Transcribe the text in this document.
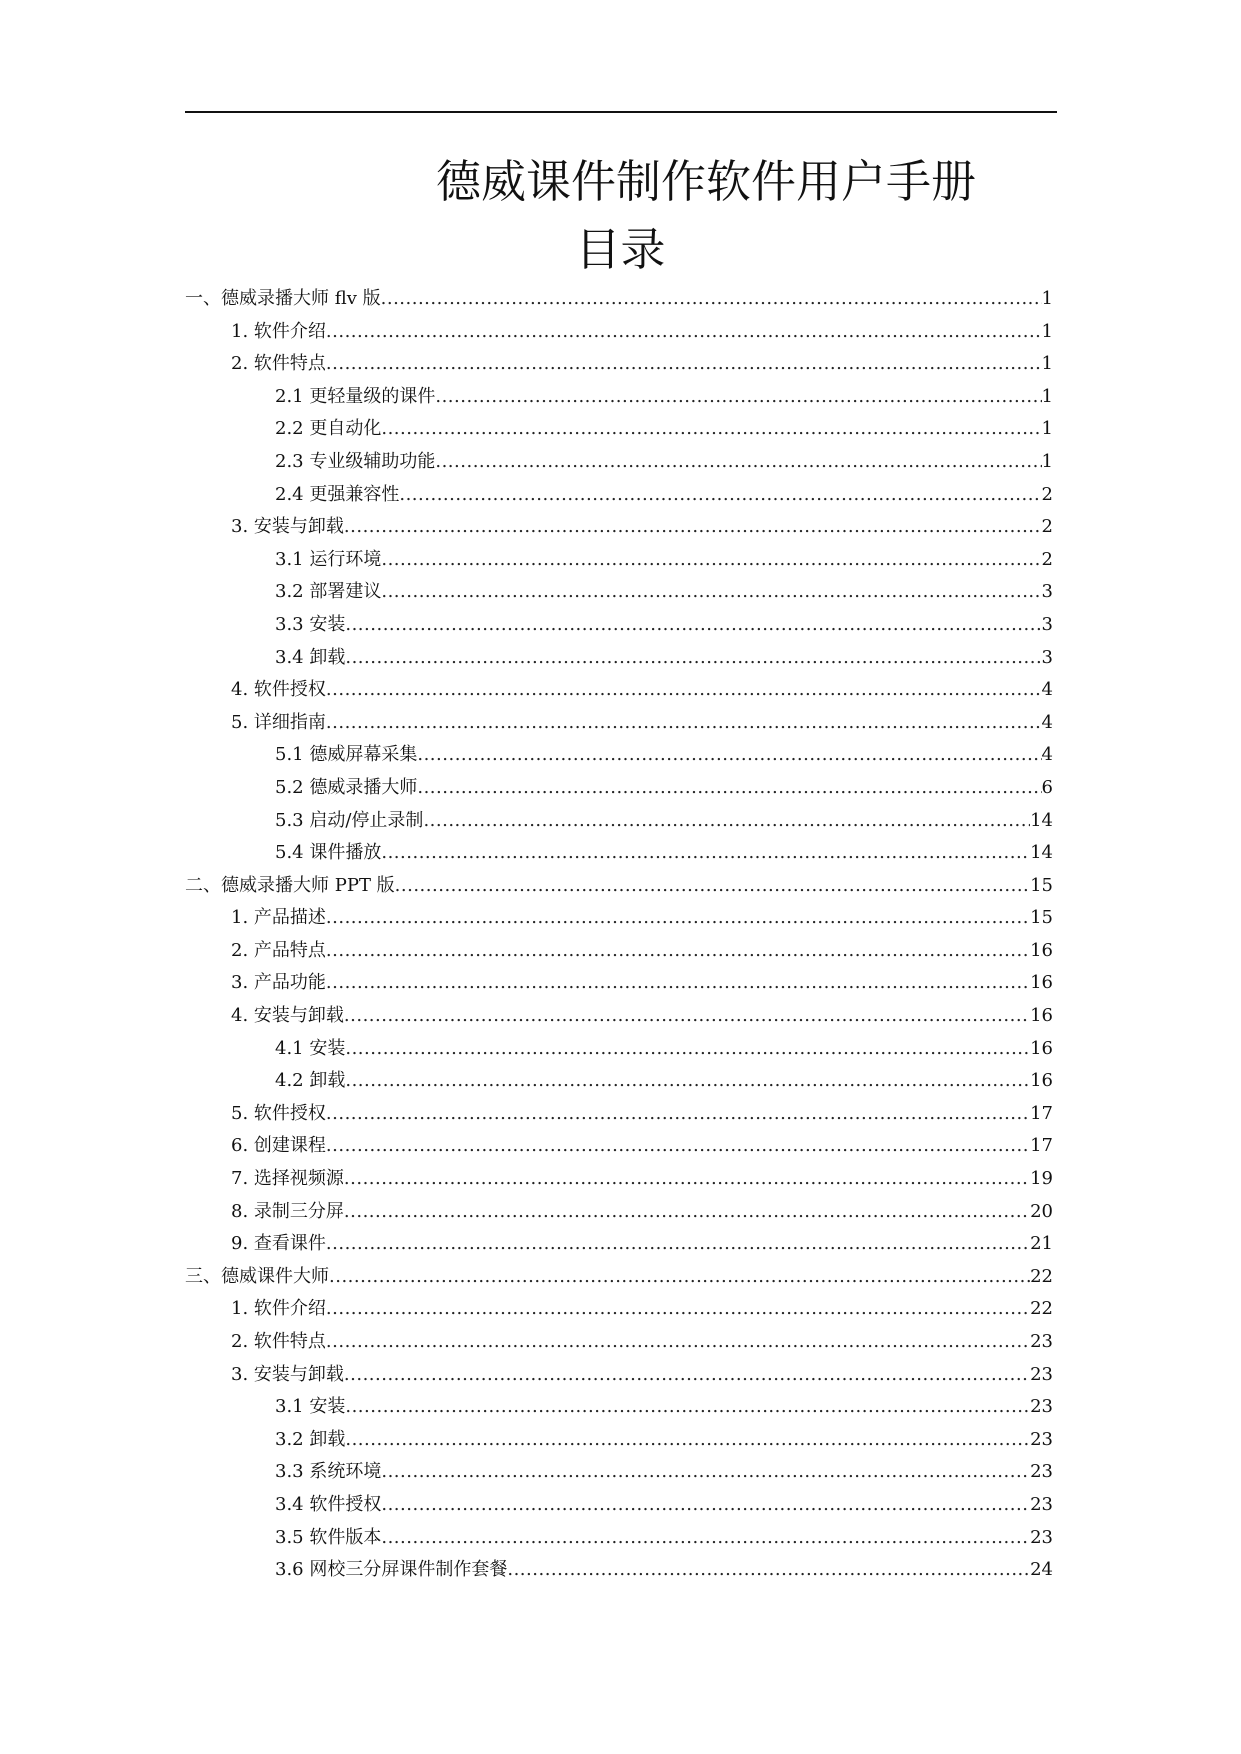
德威课件制作软件用户手册
目录
一、 德威录播大师 flv 版 .....	1
1. 软件介绍 .....	1
2. 软件特点 .....	1
2.1 更轻量级的课件 .....	1
2.2 更自动化 .....	1
2.3 专业级辅助功能 .....	1
2.4 更强兼容性 .....	2
3. 安装与卸载 .....	2
3.1 运行环境 .....	2
3.2 部署建议 .....	3
3.3 安装 .....	3
3.4 卸载 .....	3
4. 软件授权 .....	4
5. 详细指南 .....	4
5.1 德威屏幕采集 .....	4
5.2 德威录播大师 .....	6
5.3 启动/停止录制 .....	14
5.4 课件播放 .....	14
二、 德威录播大师 PPT 版 .....	15
1. 产品描述 .....	15
2. 产品特点 .....	16
3. 产品功能 .....	16
4. 安装与卸载 .....	16
4.1 安装 .....	16
4.2 卸载 .....	16
5. 软件授权 .....	17
6. 创建课程 .....	17
7. 选择视频源 .....	19
8. 录制三分屏 .....	20
9. 查看课件 .....	21
三、 德威课件大师 .....	22
1. 软件介绍 .....	22
2. 软件特点 .....	23
3. 安装与卸载 .....	23
3.1 安装 .....	23
3.2 卸载 .....	23
3.3 系统环境 .....	23
3.4 软件授权 .....	23
3.5 软件版本 .....	23
3.6 网校三分屏课件制作套餐 .....	24
